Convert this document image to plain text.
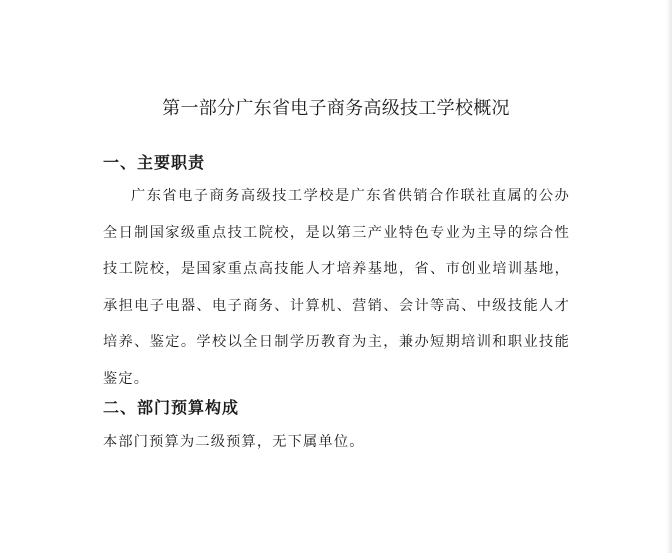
第一部分广东省电子商务高级技工学校概况
一、主要职责

广东省电子商务高级技工学校是广东省供销合作联社直属的公办全日制国家级重点技工院校，是以第三产业特色专业为主导的综合性技工院校，是国家重点高技能人才培养基地，省、市创业培训基地，承担电子电器、电子商务、计算机、营销、会计等高、中级技能人才培养、鉴定。学校以全日制学历教育为主，兼办短期培训和职业技能鉴定。

二、部门预算构成

本部门预算为二级预算，无下属单位。
